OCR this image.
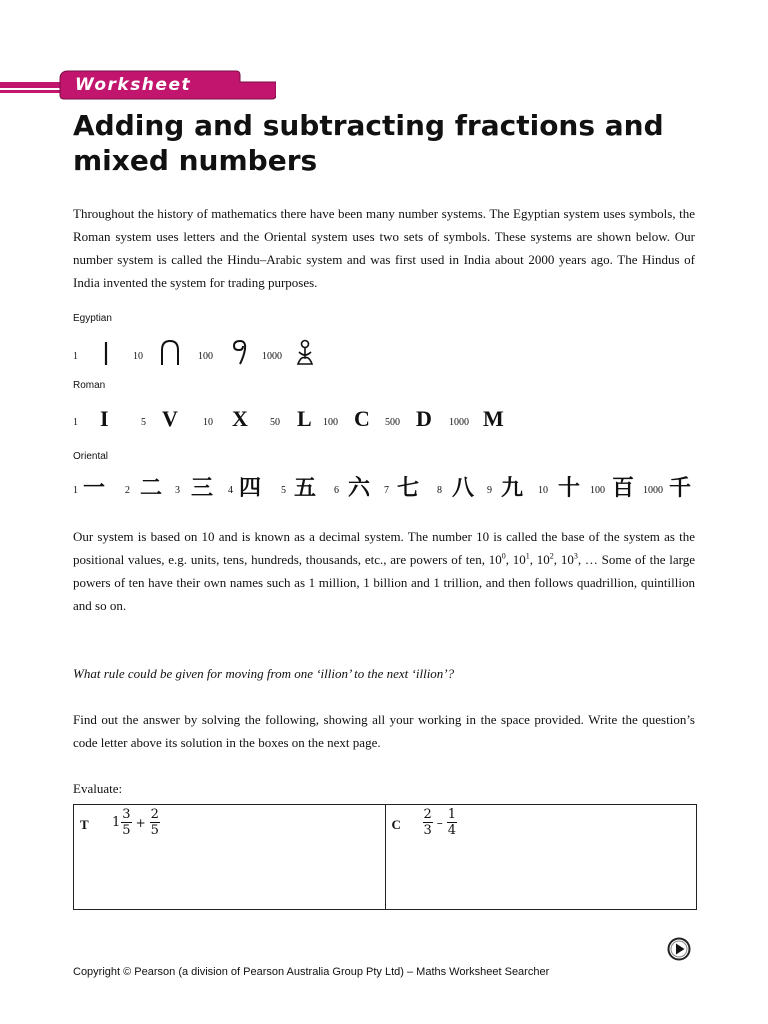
Worksheet
Adding and subtracting fractions and mixed numbers

Throughout the history of mathematics there have been many number systems. The Egyptian system uses symbols, the Roman system uses letters and the Oriental system uses two sets of symbols. These systems are shown below. Our number system is called the Hindu–Arabic system and was first used in India about 2000 years ago. The Hindus of India invented the system for trading purposes.

Egyptian
1	10	100	1000
Roman
1 I	5 V	10 X 50 L 100 C 500 D 1000 M
Oriental
1 一 2 二 3 三 4 四 5 五 6 六 7 七 8 八 9 九 10 十 100 百 1000 千

Our system is based on 10 and is known as a decimal system. The number 10 is called the base of the system as the positional values, e.g. units, tens, hundreds, thousands, etc., are powers of ten, $10^0$, $10^1$, $10^2$, $10^3$, … Some of the large powers of ten have their own names such as 1 million, 1 billion and 1 trillion, and then follows quadrillion, quintillion and so on.

What rule could be given for moving from one ‘illion’ to the next ‘illion’?

Find out the answer by solving the following, showing all your working in the space provided. Write the question’s code letter above its solution in the boxes on the next page.

Evaluate:

T $1 \frac{3}{5} + \frac{2}{5}$	C $\frac{2}{3} - \frac{1}{4}$
Copyright © Pearson (a division of Pearson Australia Group Pty Ltd) – Maths Worksheet Searcher
